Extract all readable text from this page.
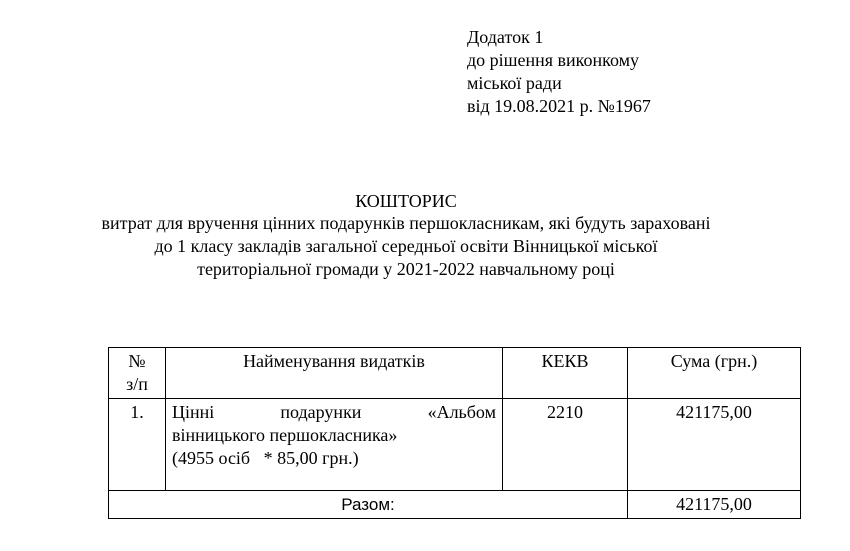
Додаток 1
до рішення виконкому
міської ради
від 19.08.2021 р. №1967
КОШТОРИС
витрат для вручення цінних подарунків першокласникам, які будуть зараховані
до 1 класу закладів загальної середньої освіти Вінницької міської
територіальної громади у 2021-2022 навчальному році
№
з/п	Найменування видатків	КЕКВ	Сума (грн.)
1.	Цінні подарунки «Альбом
вінницького першокласника»
(4955 осіб   * 85,00 грн.)	2210	421175,00
Разом:			421175,00
